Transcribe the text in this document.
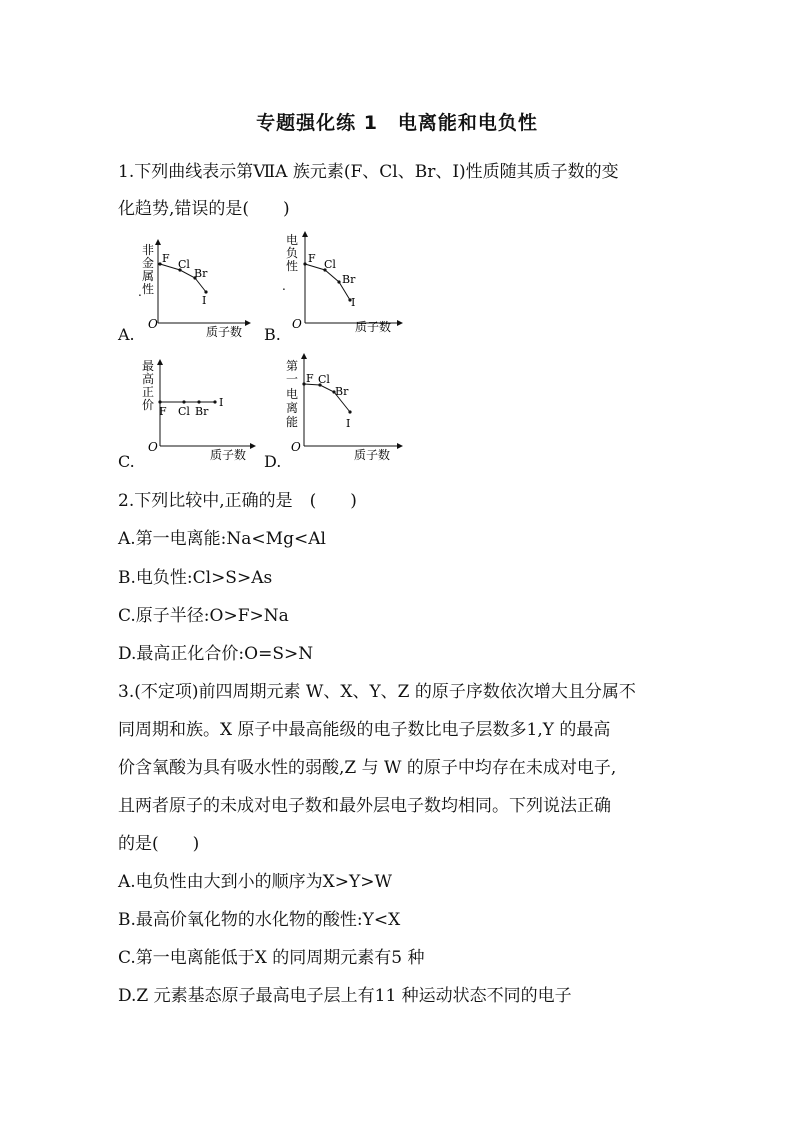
专题强化练 1　电离能和电负性
1.下列曲线表示第ⅦA 族元素(F、Cl、Br、I)性质随其质子数的变
化趋势,错误的是(　　)
O
质子数
非
金
属
性
.
F Cl
Br
I
A.
O	质子数
电
负
性
.
F Cl
Br
I
B.
O
质子数
最
高
正
价 F Cl Br
I
C.
O
质子数
第
一
电
离
能
F Cl
Br
I
D.
2.下列比较中,正确的是　(　　)
A.第一电离能:Na<Mg<Al
B.电负性:Cl>S>As
C.原子半径:O>F>Na
D.最高正化合价:O=S>N
3.(不定项)前四周期元素 W、X、Y、Z 的原子序数依次增大且分属不
同周期和族。X 原子中最高能级的电子数比电子层数多1,Y 的最高
价含氧酸为具有吸水性的弱酸,Z 与 W 的原子中均存在未成对电子,
且两者原子的未成对电子数和最外层电子数均相同。下列说法正确
的是(　　)
A.电负性由大到小的顺序为X>Y>W
B.最高价氧化物的水化物的酸性:Y<X
C.第一电离能低于X 的同周期元素有5 种
D.Z 元素基态原子最高电子层上有11 种运动状态不同的电子
